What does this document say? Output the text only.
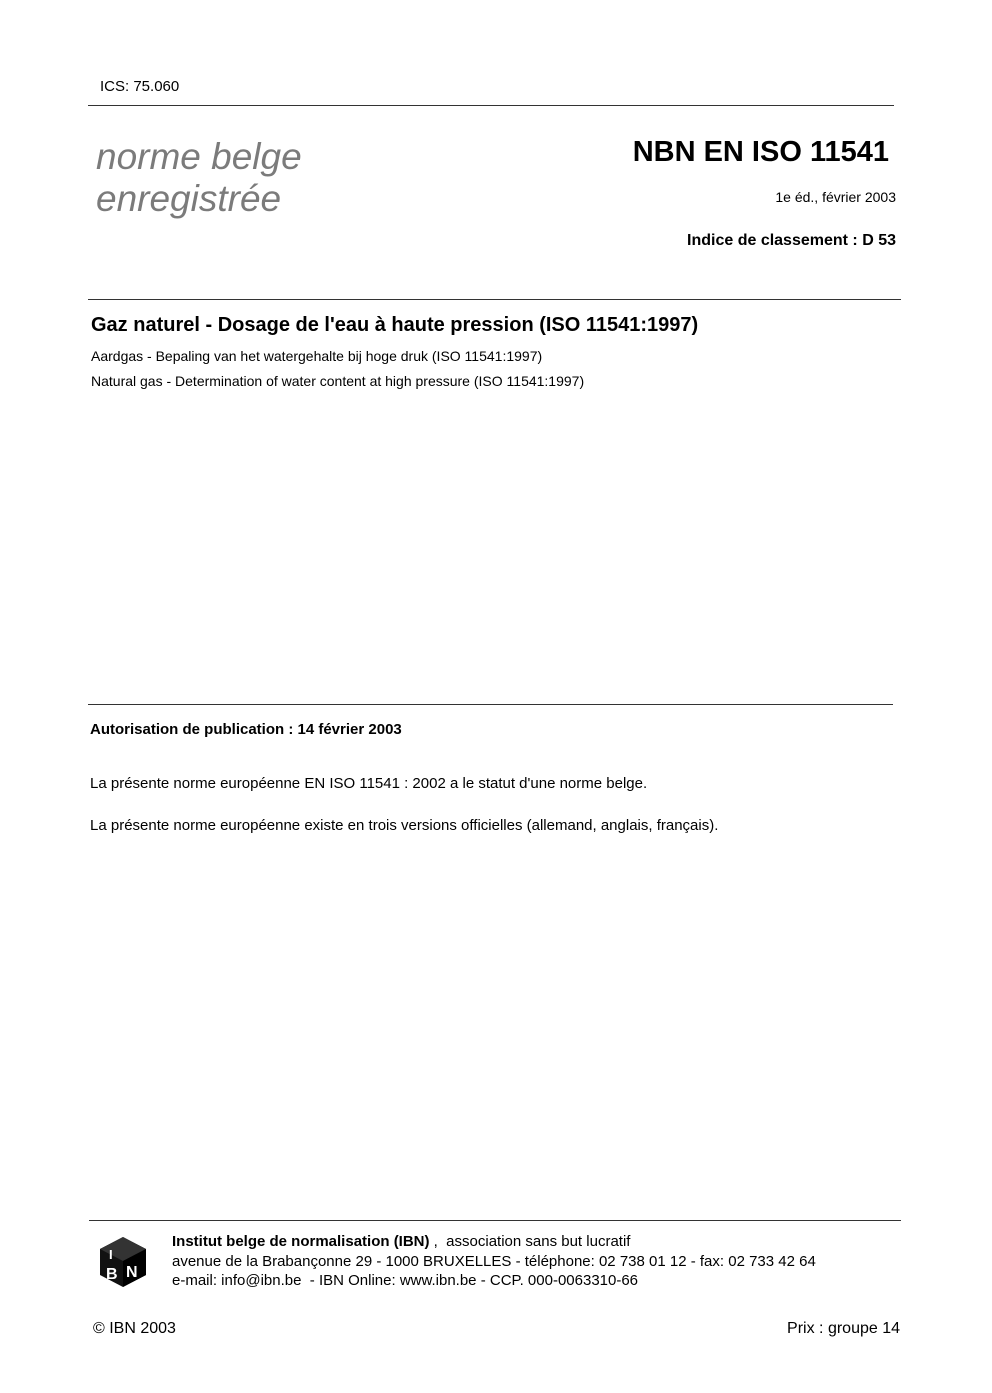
ICS: 75.060
norme belge
enregistrée
NBN EN ISO 11541
1e éd., février 2003
Indice de classement : D 53
Gaz naturel - Dosage de l'eau à haute pression (ISO 11541:1997)
Aardgas - Bepaling van het watergehalte bij hoge druk (ISO 11541:1997)
Natural gas - Determination of water content at high pressure (ISO 11541:1997)
Autorisation de publication : 14 février 2003
La présente norme européenne EN ISO 11541 : 2002 a le statut d'une norme belge.
La présente norme européenne existe en trois versions officielles (allemand, anglais, français).
I
B N
Institut belge de normalisation (IBN) ,  association sans but lucratif
avenue de la Brabançonne 29 - 1000 BRUXELLES - téléphone: 02 738 01 12 - fax: 02 733 42 64
e-mail: info@ibn.be  - IBN Online: www.ibn.be - CCP. 000-0063310-66
© IBN 2003	Prix : groupe 14
